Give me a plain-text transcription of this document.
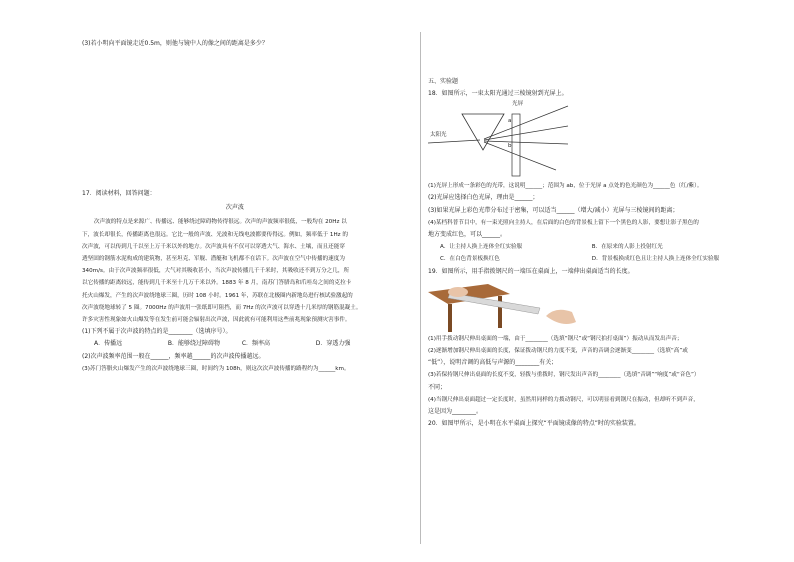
(3)若小明向平面镜走近0.5m，则他与镜中人的像之间的距离是多少？
17．阅读材料，回答问题：
次声波
次声波的特点是来源广、传播远、能够绕过障碍物传得很远。次声的声波频率很低，一般均在 20Hz 以
下，波长却很长，传播距离也很远。它比一般的声波、光波和无线电波都要传得远。例如，频率低于 1Hz 的
次声波，可以传到几千以至上万千米以外的地方。次声波具有不仅可以穿透大气、海水、土壤，而且还能穿
透坚固的钢筋水泥构成的建筑物，甚至坦克、军舰、潜艇和飞机都不在话下。次声波在空气中传播的速度为
340m/s。由于次声波频率很低，大气对其吸收甚小，当次声波传播几千千米时，其吸收还不到万分之几，所
以它传播的距离较远，能传到几千米至十几万千米以外。1883 年 8 月，南苏门答腊岛和爪哇岛之间的克拉卡
托火山爆发，产生的次声波绕地球三圈，历时 108 小时。1961 年，苏联在北极圈内新地岛进行核试验激起的
次声波绕地球转了 5 圈。7000Hz 的声波用一张纸即可阻挡，而 7Hz 的次声波可以穿透十几米厚的钢筋混凝土。
许多灾害性现象如火山爆发等在发生前可能会辐射出次声波，因此就有可能利用这些前兆现象预测灾害事件。
(1)下列不属于次声波的特点的是________（选填序号）。
A．传播远	B．能够绕过障碍物	C．频率高	D．穿透力强
(2)次声波频率范围一般在______，频率越______的次声波传播越远。
(3)苏门答腊火山爆发产生的次声波绕地球三圈，时间约为 108h，则这次次声波传播的路程约为______km。
五、实验题
18．如图所示，一束太阳光通过三棱镜射到光屏上。
光屏
太阳光
a
b
(1)光屏上形成一条彩色的光带，这说明______；范围为 ab，位于光屏 a 点处的色光颜色为______色（红/紫）。
(2)光屏应选择白色光屏，理由是______；
(3)如果光屏上彩色光带分布过于密集，可以适当______（增大/减小）光屏与三棱镜间的距离；
(4)某档科普节目中，有一束光照向主持人，在后面的白色的背景板上留下一个黑色的人影，要想让影子黑色的
地方变成红色，可以______。
A．让主持人换上连体全红实验服	B．在原来的人影上投射红光
C．在白色背景板换红色	D．背景板换成红色且让主持人换上连体全红实验服
19．如图所示，用手指拨钢尺的一端压在桌面上，一端伸出桌面适当的长度。
(1)用手拨动钢尺伸出桌面的一端，由于________（选填“钢尺”或“钢尺拍打桌面”）振动从而发出声音；
(2)逐渐增加钢尺伸出桌面的长度，保证拨动钢尺的力度不变，声音的音调会逐渐变________（选填“高”或
“低”），说明音调的高低与声源的________有关；
(3)若保持钢尺伸出桌面的长度不变，轻拨与重拨时，钢尺发出声音的________（选填“音调”“响度”或“音色”）
不同；
(4)当钢尺伸出桌面超过一定长度时，虽然用同样的力拨动钢尺，可以明显看到钢尺在振动，但却听不到声音，
这是因为________。
20．如图甲所示，是小明在水平桌面上探究“平面镜成像的特点”时的实验装置。
